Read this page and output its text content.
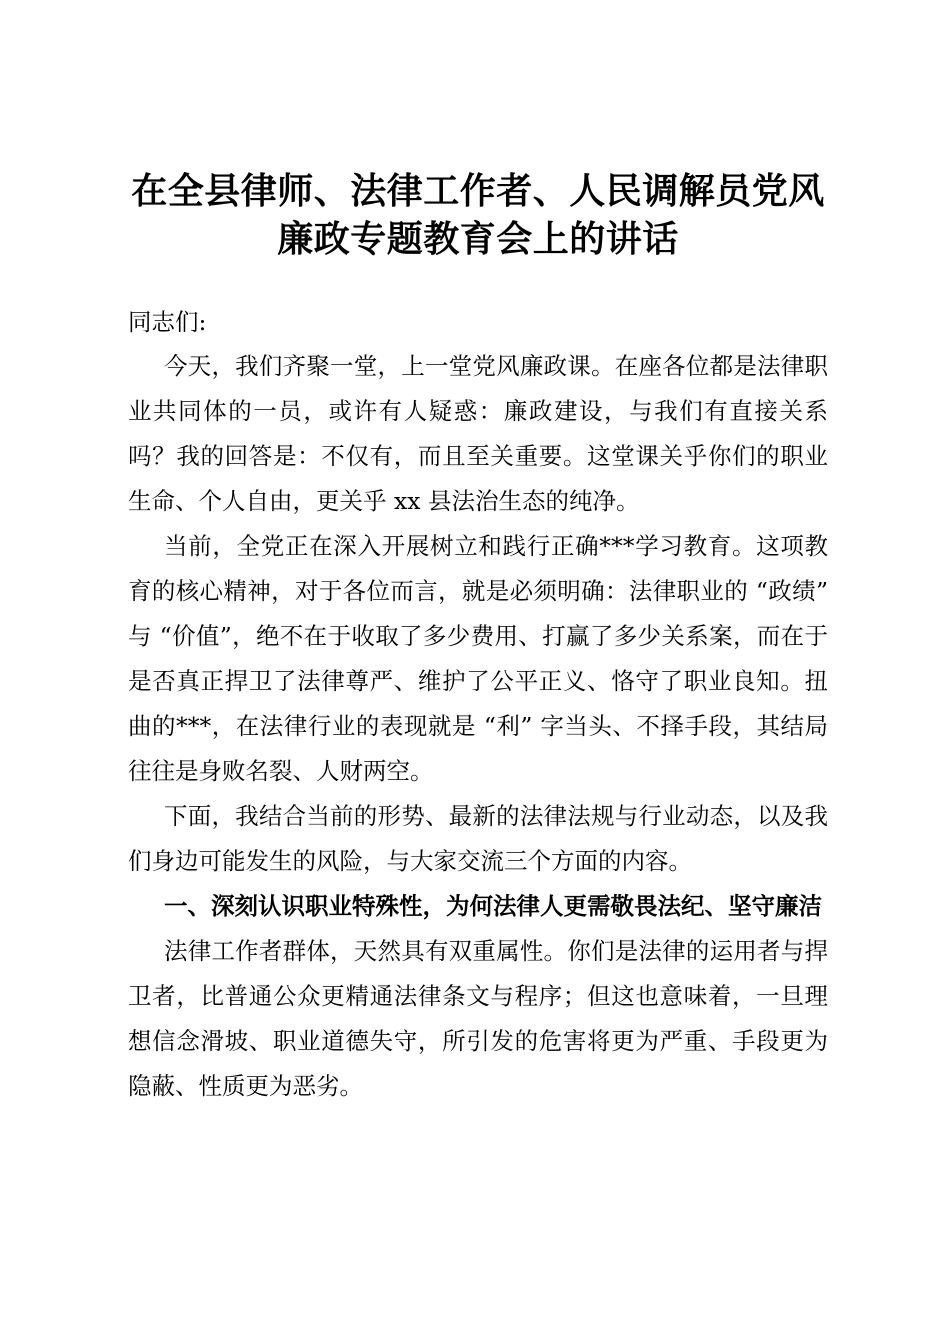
在全县律师、法律工作者、人民调解员党风
廉政专题教育会上的讲话

同志们:

今天，我们齐聚一堂，上一堂党风廉政课。在座各位都是法律职业共同体的一员，或许有人疑惑：廉政建设，与我们有直接关系吗？我的回答是：不仅有，而且至关重要。这堂课关乎你们的职业生命、个人自由，更关乎 xx 县法治生态的纯净。

当前，全党正在深入开展树立和践行正确***学习教育。这项教育的核心精神，对于各位而言，就是必须明确：法律职业的 “政绩” 与 “价值”，绝不在于收取了多少费用、打赢了多少关系案，而在于是否真正捍卫了法律尊严、维护了公平正义、恪守了职业良知。扭曲的***，在法律行业的表现就是 “利” 字当头、不择手段，其结局往往是身败名裂、人财两空。

下面，我结合当前的形势、最新的法律法规与行业动态，以及我们身边可能发生的风险，与大家交流三个方面的内容。

一、深刻认识职业特殊性，为何法律人更需敬畏法纪、坚守廉洁

法律工作者群体，天然具有双重属性。你们是法律的运用者与捍卫者，比普通公众更精通法律条文与程序；但这也意味着，一旦理想信念滑坡、职业道德失守，所引发的危害将更为严重、手段更为隐蔽、性质更为恶劣。
